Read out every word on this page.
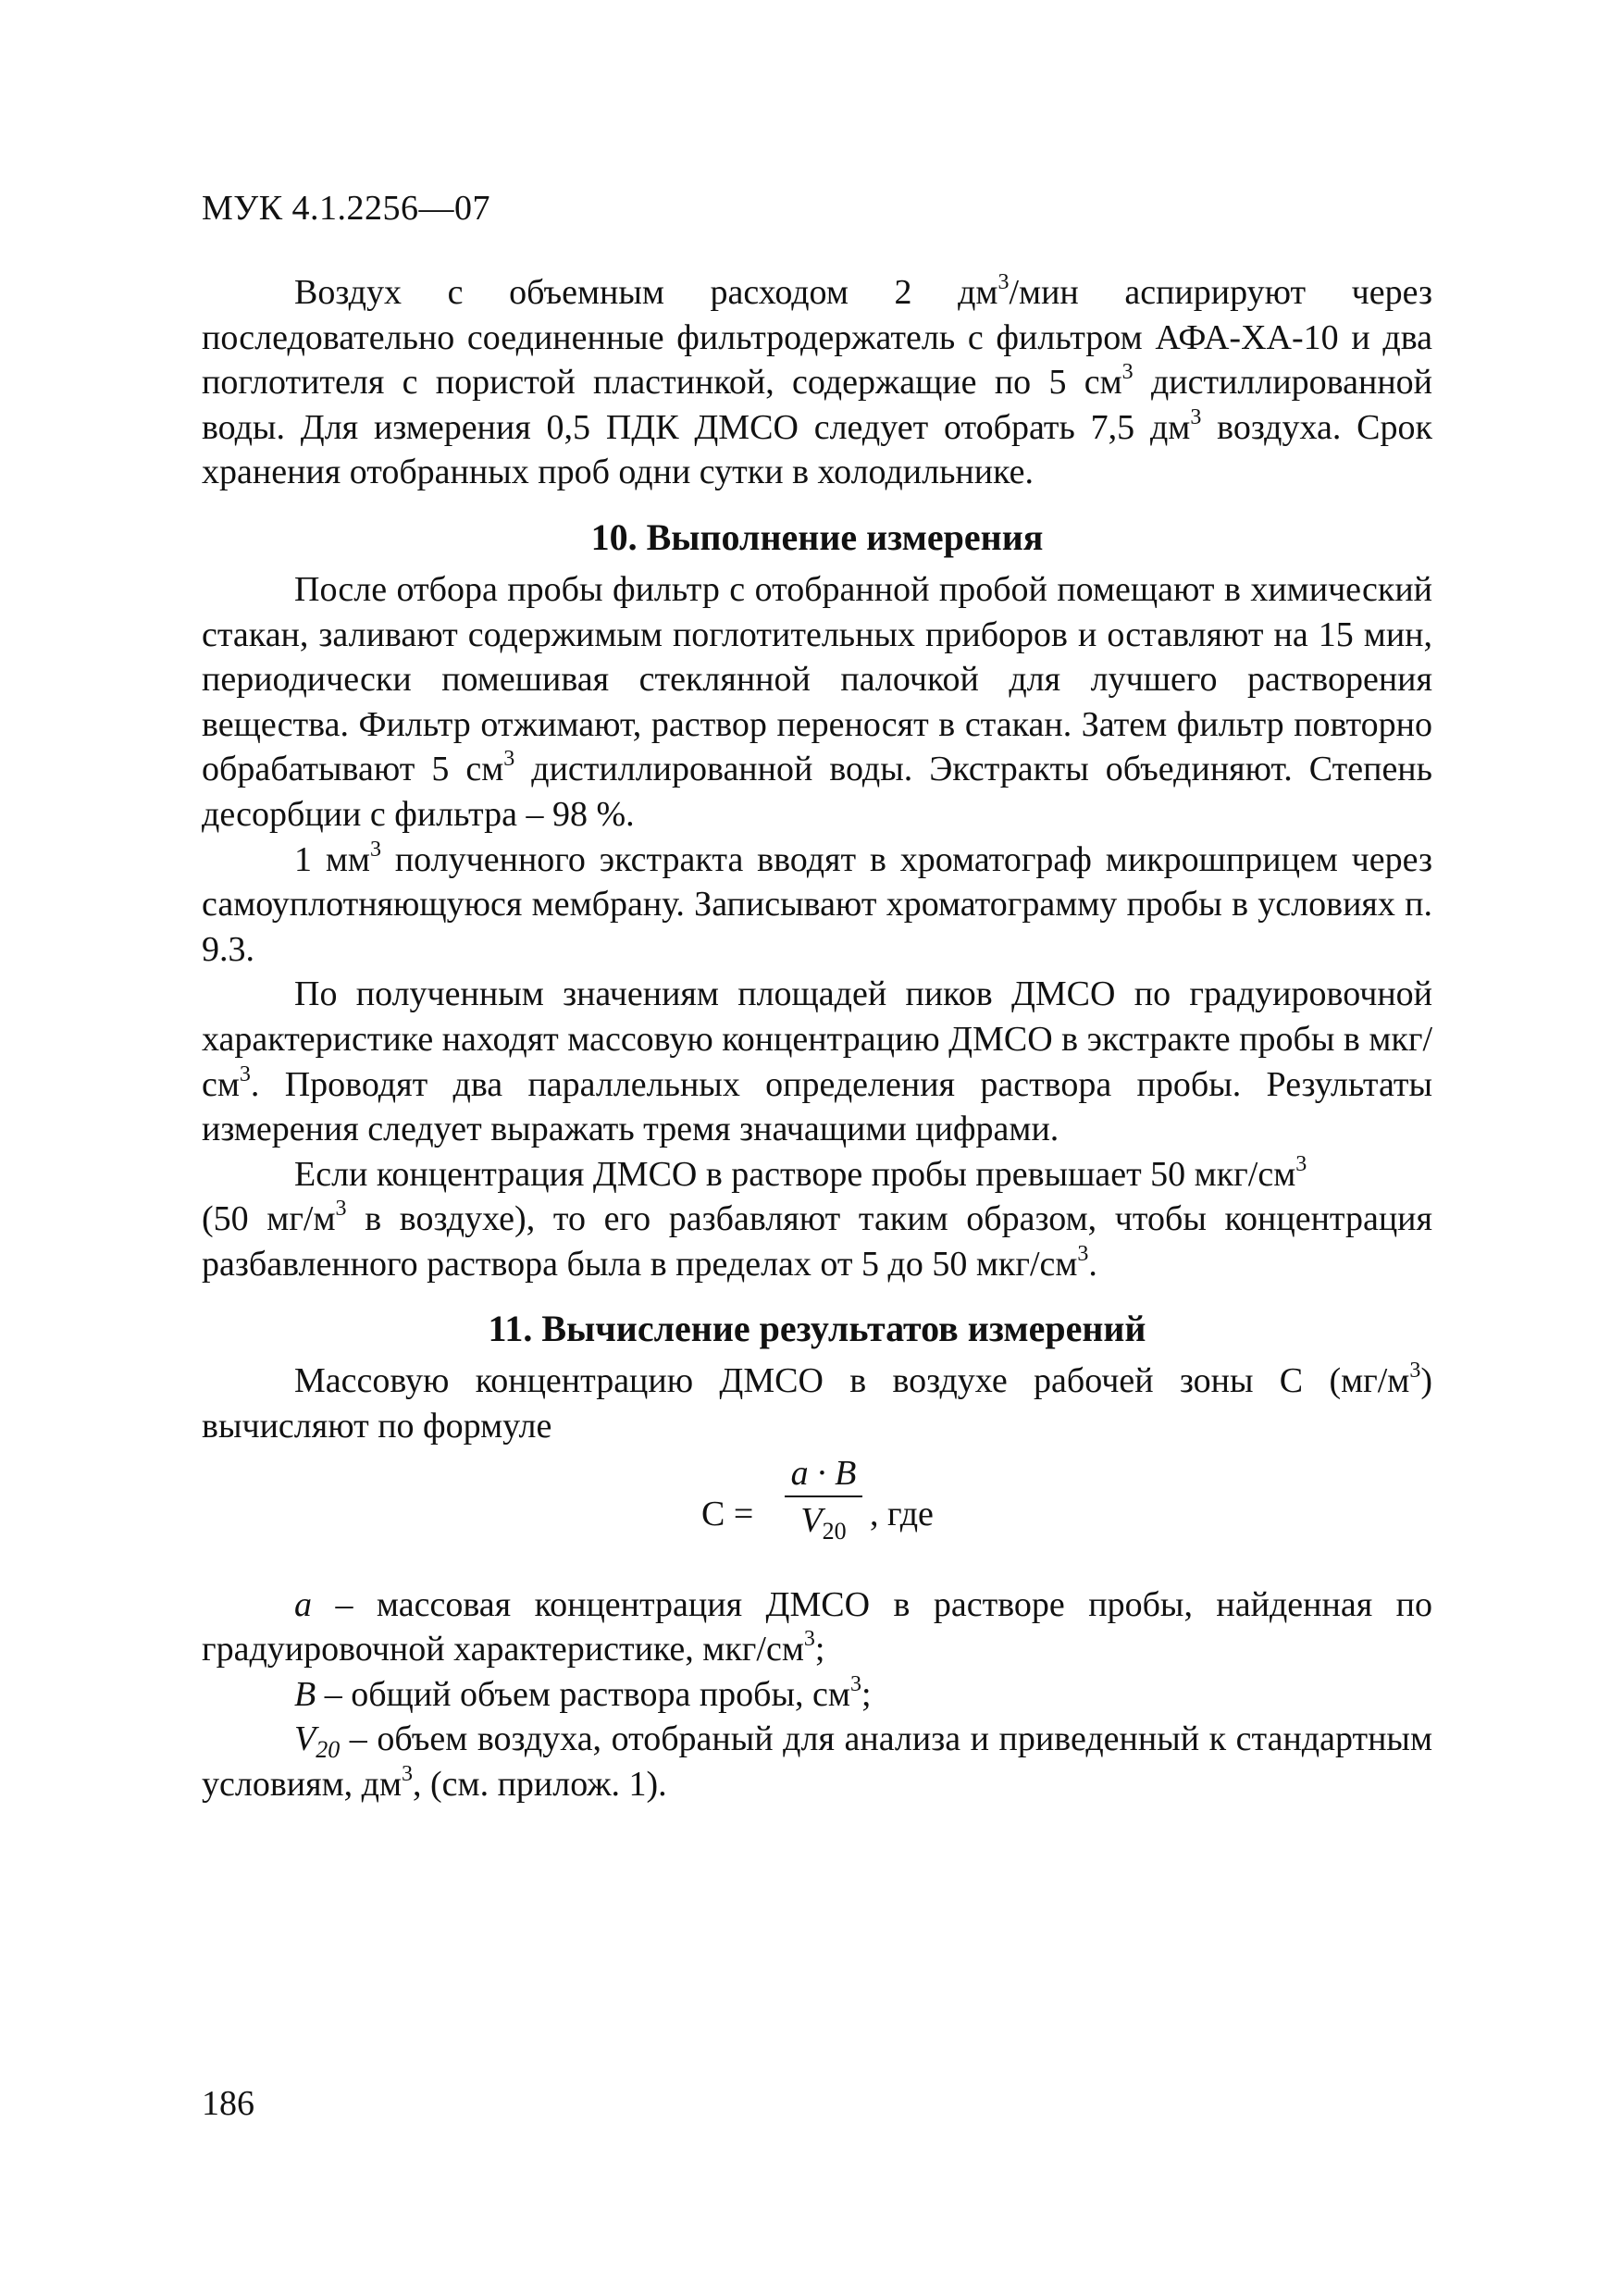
МУК 4.1.2256—07

Воздух с объемным расходом 2 $дм^3$/мин аспирируют через последовательно соединенные фильтродержатель с фильтром АФА-ХА-10 и два поглотителя с пористой пластинкой, содержащие по 5 $см^3$ дистиллированной воды. Для измерения 0,5 ПДК ДМСО следует отобрать 7,5 $дм^3$ воздуха. Срок хранения отобранных проб одни сутки в холодильнике.

10. Выполнение измерения

После отбора пробы фильтр с отобранной пробой помещают в химический стакан, заливают содержимым поглотительных приборов и оставляют на 15 мин, периодически помешивая стеклянной палочкой для лучшего растворения вещества. Фильтр отжимают, раствор переносят в стакан. Затем фильтр повторно обрабатывают 5 $см^3$ дистиллированной воды. Экстракты объединяют. Степень десорбции с фильтра – 98 %.

1 $мм^3$ полученного экстракта вводят в хроматограф микрошприцем через самоуплотняющуюся мембрану. Записывают хроматограмму пробы в условиях п. 9.3.

По полученным значениям площадей пиков ДМСО по градуировочной характеристике находят массовую концентрацию ДМСО в экстракте пробы в мкг/$см^3$. Проводят два параллельных определения раствора пробы. Результаты измерения следует выражать тремя значащими цифрами.

Если концентрация ДМСО в растворе пробы превышает 50 мкг/$см^3$

(50 $мг/м^3$ в воздухе), то его разбавляют таким образом, чтобы концентрация разбавленного раствора была в пределах от 5 до 50 мкг/$см^3$.

11. Вычисление результатов измерений

Массовую концентрацию ДМСО в воздухе рабочей зоны С $(мг/м^3)$ вычисляют по формуле

С =
a · B
$V_{20}$ , где

a – массовая концентрация ДМСО в растворе пробы, найденная по градуировочной характеристике, мкг/$см^3$;

B – общий объем раствора пробы, $см^3$;

$V_{20}$ – объем воздуха, отобраный для анализа и приведенный к стандартным условиям, $дм^3$, (см. прилож. 1).

186
